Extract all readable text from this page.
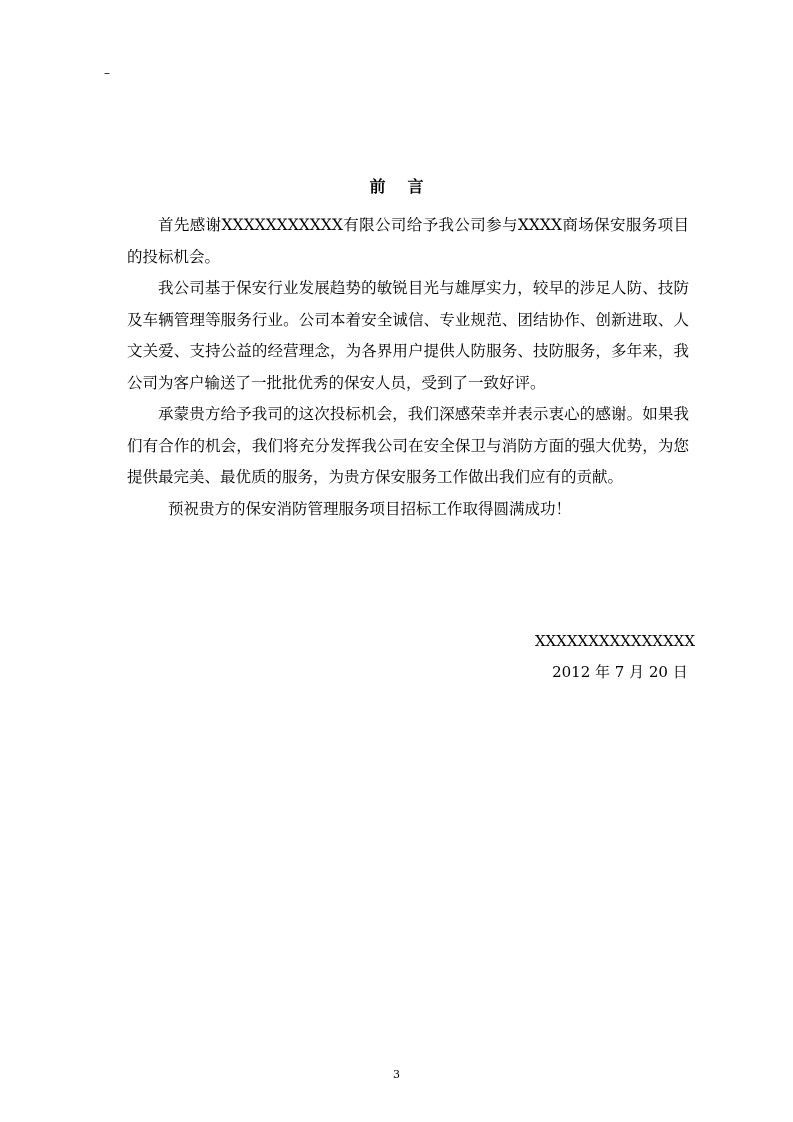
–
前言

首先感谢XXXXXXXXXXX有限公司给予我公司参与XXXX商场保安服务项目的投标机会。

我公司基于保安行业发展趋势的敏锐目光与雄厚实力，较早的涉足人防、技防及车辆管理等服务行业。公司本着安全诚信、专业规范、团结协作、创新进取、人文关爱、支持公益的经营理念，为各界用户提供人防服务、技防服务，多年来，我公司为客户输送了一批批优秀的保安人员，受到了一致好评。

承蒙贵方给予我司的这次投标机会，我们深感荣幸并表示衷心的感谢。如果我们有合作的机会，我们将充分发挥我公司在安全保卫与消防方面的强大优势，为您提供最完美、最优质的服务，为贵方保安服务工作做出我们应有的贡献。

预祝贵方的保安消防管理服务项目招标工作取得圆满成功！

XXXXXXXXXXXXXXX
2012 年 7 月 20 日
3
